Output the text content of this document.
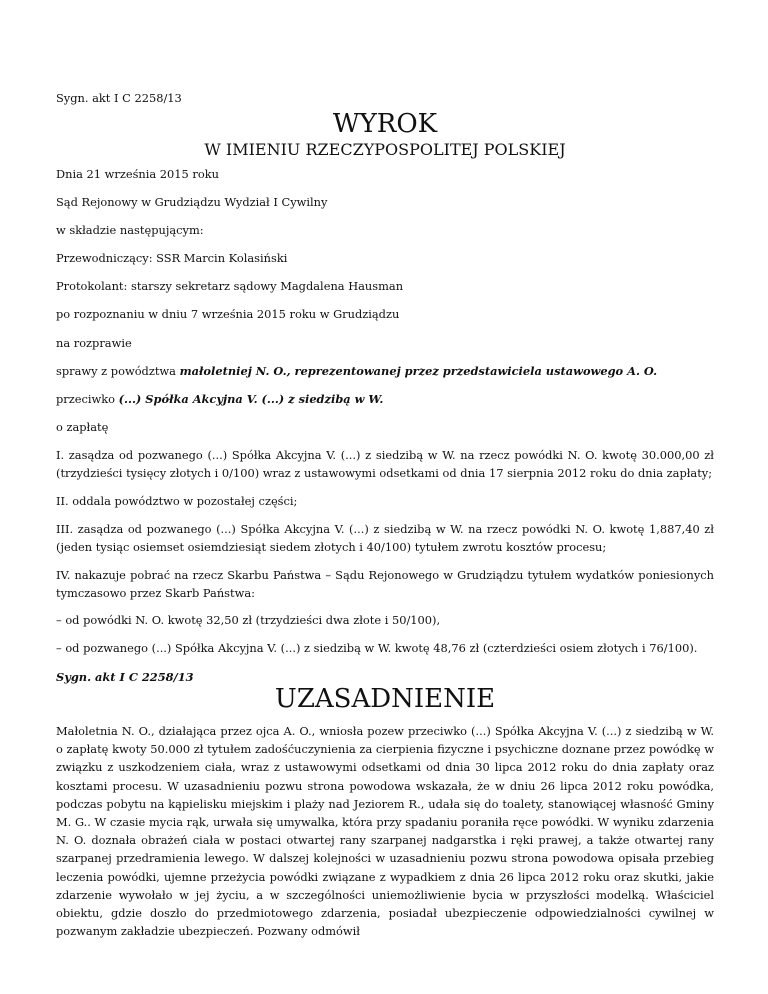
Sygn. akt I C 2258/13
WYROK
W IMIENIU RZECZYPOSPOLITEJ POLSKIEJ
Dnia 21 września 2015 roku
Sąd Rejonowy w Grudziądzu Wydział I Cywilny
w składzie następującym:
Przewodniczący: SSR Marcin Kolasiński
Protokolant: starszy sekretarz sądowy Magdalena Hausman
po rozpoznaniu w dniu 7 września 2015 roku w Grudziądzu
na rozprawie
sprawy z powództwa małoletniej N. O., reprezentowanej przez przedstawiciela ustawowego A. O.
przeciwko (...) Spółka Akcyjna V. (...) z siedzibą w W.
o zapłatę
I. zasądza od pozwanego (...) Spółka Akcyjna V. (...) z siedzibą w W. na rzecz powódki N. O. kwotę 30.000,00 zł (trzydzieści tysięcy złotych i 0/100) wraz z ustawowymi odsetkami od dnia 17 sierpnia 2012 roku do dnia zapłaty;
II. oddala powództwo w pozostałej części;
III. zasądza od pozwanego (...) Spółka Akcyjna V. (...) z siedzibą w W. na rzecz powódki N. O. kwotę 1,887,40 zł (jeden tysiąc osiemset osiemdziesiąt siedem złotych i 40/100) tytułem zwrotu kosztów procesu;
IV. nakazuje pobrać na rzecz Skarbu Państwa – Sądu Rejonowego w Grudziądzu tytułem wydatków poniesionych tymczasowo przez Skarb Państwa:
– od powódki N. O. kwotę 32,50 zł (trzydzieści dwa złote i 50/100),
– od pozwanego (...) Spółka Akcyjna V. (...) z siedzibą w W. kwotę 48,76 zł (czterdzieści osiem złotych i 76/100).
Sygn. akt I C 2258/13
UZASADNIENIE
Małoletnia N. O., działająca przez ojca A. O., wniosła pozew przeciwko (...) Spółka Akcyjna V. (...) z siedzibą w W. o zapłatę kwoty 50.000 zł tytułem zadośćuczynienia za cierpienia fizyczne i psychiczne doznane przez powódkę w związku z uszkodzeniem ciała, wraz z ustawowymi odsetkami od dnia 30 lipca 2012 roku do dnia zapłaty oraz kosztami procesu. W uzasadnieniu pozwu strona powodowa wskazała, że w dniu 26 lipca 2012 roku powódka, podczas pobytu na kąpielisku miejskim i plaży nad Jeziorem R., udała się do toalety, stanowiącej własność Gminy M. G.. W czasie mycia rąk, urwała się umywalka, która przy spadaniu poraniła ręce powódki. W wyniku zdarzenia N. O. doznała obrażeń ciała w postaci otwartej rany szarpanej nadgarstka i ręki prawej, a także otwartej rany szarpanej przedramienia lewego. W dalszej kolejności w uzasadnieniu pozwu strona powodowa opisała przebieg leczenia powódki, ujemne przeżycia powódki związane z wypadkiem z dnia 26 lipca 2012 roku oraz skutki, jakie zdarzenie wywołało w jej życiu, a w szczególności uniemożliwienie bycia w przyszłości modelką. Właściciel obiektu, gdzie doszło do przedmiotowego zdarzenia, posiadał ubezpieczenie odpowiedzialności cywilnej w pozwanym zakładzie ubezpieczeń. Pozwany odmówił
